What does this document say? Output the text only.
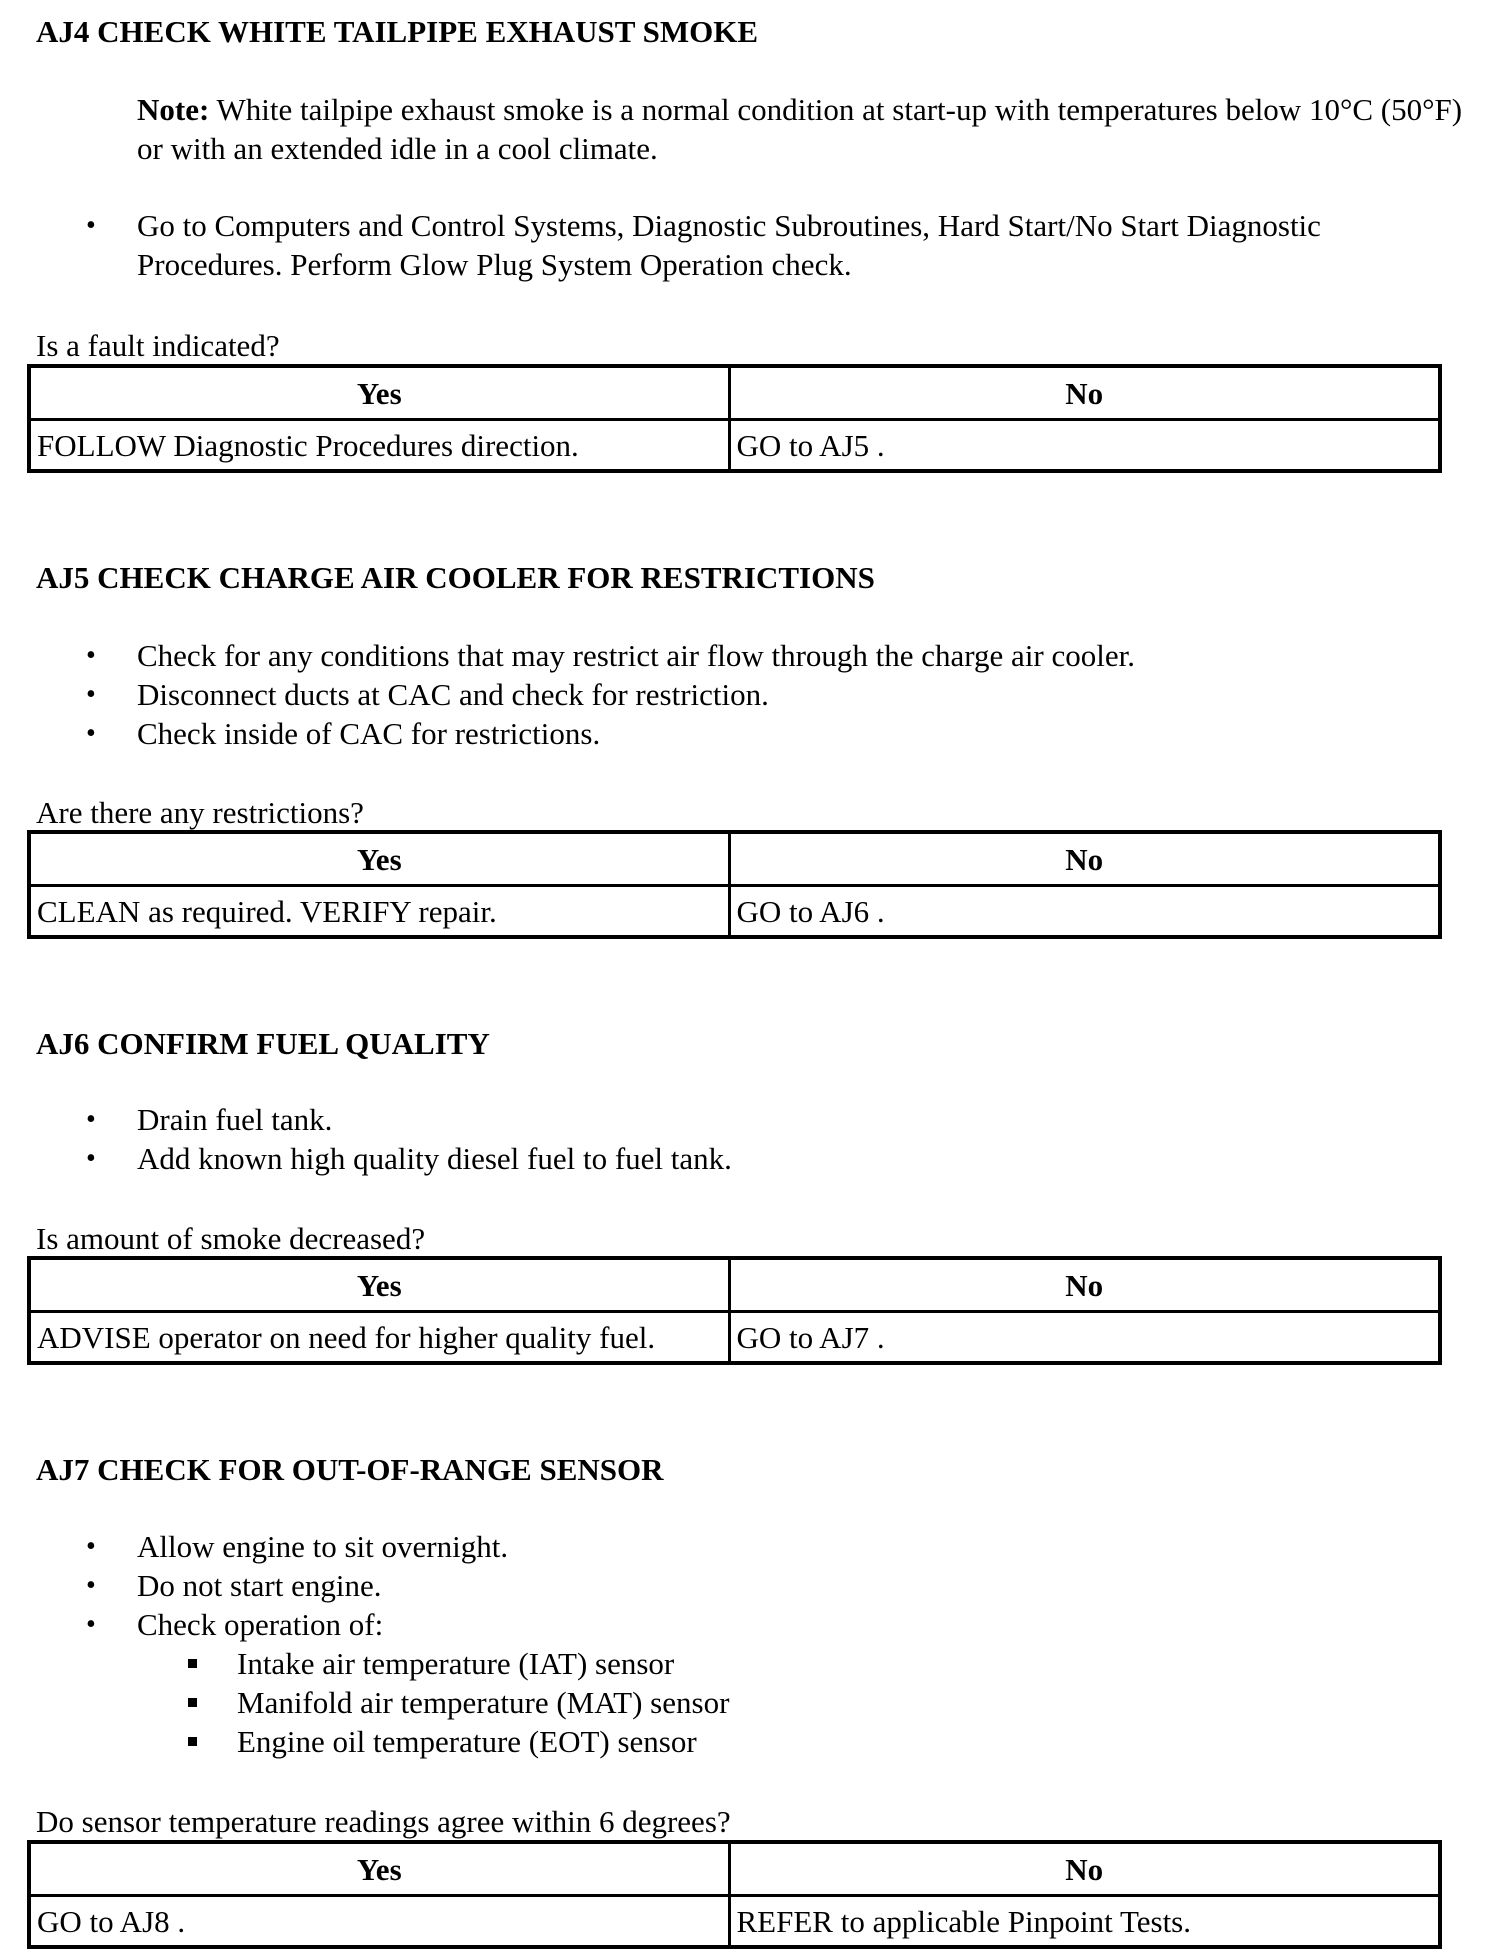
AJ4 CHECK WHITE TAILPIPE EXHAUST SMOKE
Note: White tailpipe exhaust smoke is a normal condition at start-up with temperatures below 10°C (50°F) or with an extended idle in a cool climate.
• Go to Computers and Control Systems, Diagnostic Subroutines, Hard Start/No Start Diagnostic Procedures. Perform Glow Plug System Operation check.
Is a fault indicated?
Yes	No
FOLLOW Diagnostic Procedures direction.	GO to AJ5 .
AJ5 CHECK CHARGE AIR COOLER FOR RESTRICTIONS
• Check for any conditions that may restrict air flow through the charge air cooler.
• Disconnect ducts at CAC and check for restriction.
• Check inside of CAC for restrictions.
Are there any restrictions?
Yes	No
CLEAN as required. VERIFY repair.	GO to AJ6 .
AJ6 CONFIRM FUEL QUALITY
• Drain fuel tank.
• Add known high quality diesel fuel to fuel tank.
Is amount of smoke decreased?
Yes	No
ADVISE operator on need for higher quality fuel.	GO to AJ7 .
AJ7 CHECK FOR OUT-OF-RANGE SENSOR
• Allow engine to sit overnight.
• Do not start engine.
• Check operation of:
Intake air temperature (IAT) sensor
Manifold air temperature (MAT) sensor
Engine oil temperature (EOT) sensor
Do sensor temperature readings agree within 6 degrees?
Yes	No
GO to AJ8 .	REFER to applicable Pinpoint Tests.
